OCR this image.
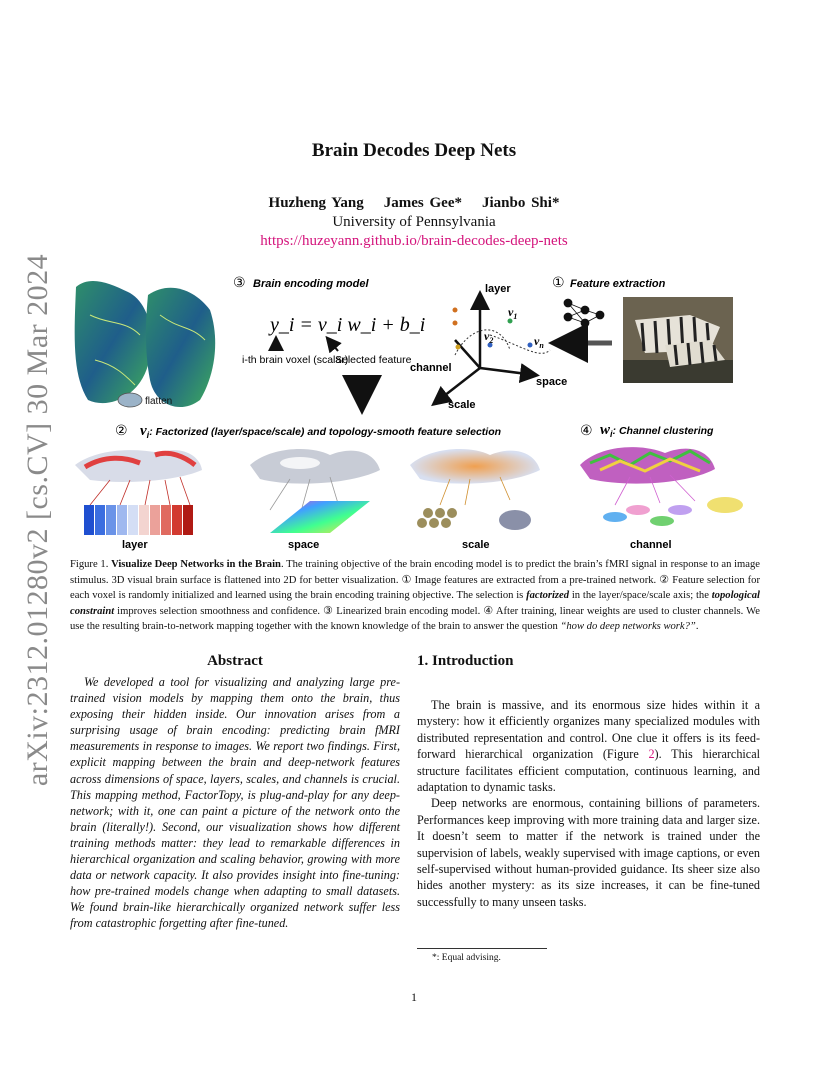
arXiv:2312.01280v2 [cs.CV] 30 Mar 2024
Brain Decodes Deep Nets
Huzheng Yang James Gee* Jianbo Shi*
University of Pennsylvania
https://huzeyann.github.io/brain-decodes-deep-nets
flatten
③ Brain encoding model
y_i = v_i w_i + b_i
i-th brain voxel (scalar)
Selected feature
layer
channel
space
scale
$v_1$
$v_2$	$v_n$
① Feature extraction
② vi: Factorized (layer/space/scale) and topology-smooth feature selection	④ wi: Channel clustering
layer	space	scale	channel
Figure 1. Visualize Deep Networks in the Brain. The training objective of the brain encoding model is to predict the brain’s fMRI signal in response to an image stimulus. 3D visual brain surface is flattened into 2D for better visualization. ① Image features are extracted from a pre-trained network. ② Feature selection for each voxel is randomly initialized and learned using the brain encoding training objective. The selection is factorized in the layer/space/scale axis; the topological constraint improves selection smoothness and confidence. ③ Linearized brain encoding model. ④ After training, linear weights are used to cluster channels. We use the resulting brain-to-network mapping together with the known knowledge of the brain to answer the question “how do deep networks work?”.
Abstract
We developed a tool for visualizing and analyzing large pre-trained vision models by mapping them onto the brain, thus exposing their hidden inside. Our innovation arises from a surprising usage of brain encoding: predicting brain fMRI measurements in response to images. We report two findings. First, explicit mapping between the brain and deep-network features across dimensions of space, layers, scales, and channels is crucial. This mapping method, FactorTopy, is plug-and-play for any deep-network; with it, one can paint a picture of the network onto the brain (literally!). Second, our visualization shows how different training methods matter: they lead to remarkable differences in hierarchical organization and scaling behavior, growing with more data or network capacity. It also provides insight into fine-tuning: how pre-trained models change when adapting to small datasets. We found brain-like hierarchically organized network suffer less from catastrophic forgetting after fine-tuned.
1. Introduction

The brain is massive, and its enormous size hides within it a mystery: how it efficiently organizes many specialized modules with distributed representation and control. One clue it offers is its feed-forward hierarchical organization (Figure 2). This hierarchical structure facilitates efficient computation, continuous learning, and adaptation to dynamic tasks.

Deep networks are enormous, containing billions of parameters. Performances keep improving with more training data and larger size. It doesn’t seem to matter if the network is trained under the supervision of labels, weakly supervised with image captions, or even self-supervised without human-provided guidance. Its sheer size also hides another mystery: as its size increases, it can be fine-tuned successfully to many unseen tasks.

*: Equal advising.
1
